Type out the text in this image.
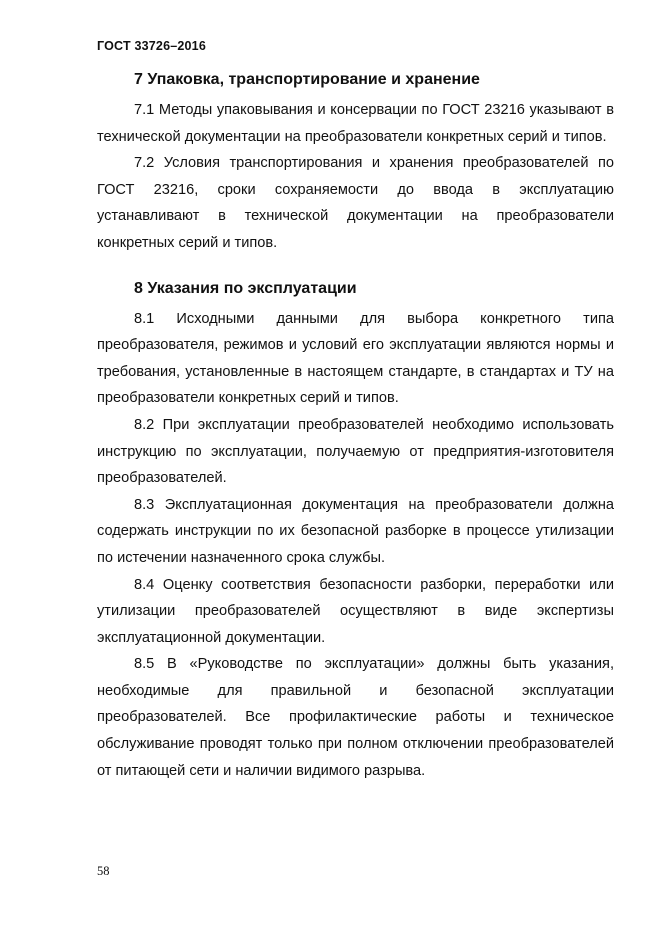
ГОСТ 33726–2016
7 Упаковка, транспортирование и хранение

7.1 Методы упаковывания и консервации по ГОСТ 23216 указывают в технической документации на преобразователи конкретных серий и типов.

7.2 Условия транспортирования и хранения преобразователей по ГОСТ 23216, сроки сохраняемости до ввода в эксплуатацию устанавливают в технической документации на преобразователи конкретных серий и типов.

8 Указания по эксплуатации

8.1 Исходными данными для выбора конкретного типа преобразователя, режимов и условий его эксплуатации являются нормы и требования, установленные в настоящем стандарте, в стандартах и ТУ на преобразователи конкретных серий и типов.

8.2 При эксплуатации преобразователей необходимо использовать инструкцию по эксплуатации, получаемую от предприятия-изготовителя преобразователей.

8.3 Эксплуатационная документация на преобразователи должна содержать инструкции по их безопасной разборке в процессе утилизации по истечении назначенного срока службы.

8.4 Оценку соответствия безопасности разборки, переработки или утилизации преобразователей осуществляют в виде экспертизы эксплуатационной документации.

8.5 В «Руководстве по эксплуатации» должны быть указания, необходимые для правильной и безопасной эксплуатации преобразователей. Все профилактические работы и техническое обслуживание проводят только при полном отключении преобразователей от питающей сети и наличии видимого разрыва.

58
